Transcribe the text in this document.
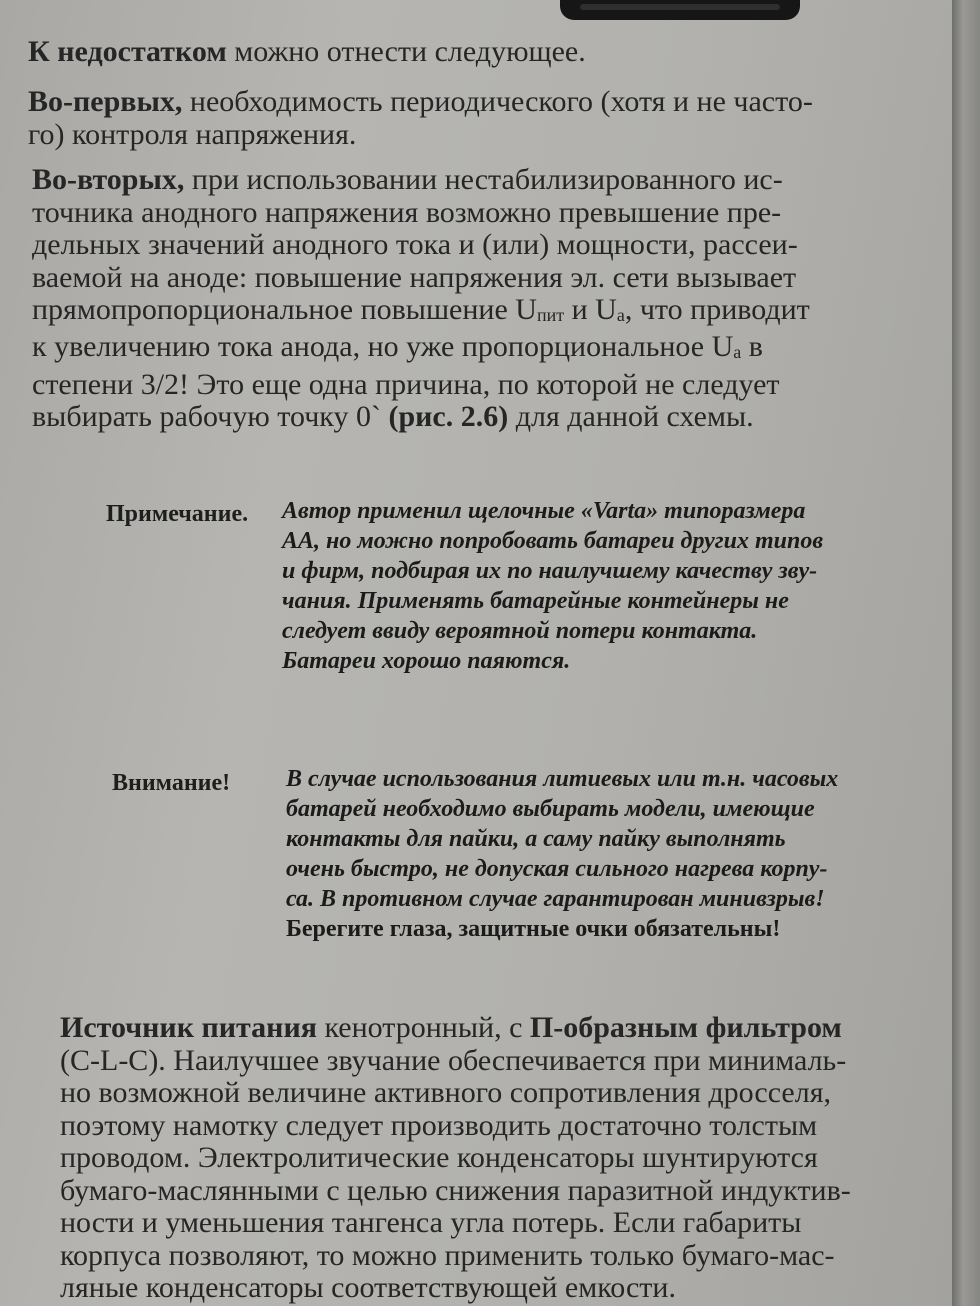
К недостатком можно отнести следующее.
Во-первых, необходимость периодического (хотя и не часто-
го) контроля напряжения.
Во-вторых, при использовании нестабилизированного ис-
точника анодного напряжения возможно превышение пре-
дельных значений анодного тока и (или) мощности, рассеи-
ваемой на аноде: повышение напряжения эл. сети вызывает
прямопропорциональное повышение $U_{пит}$ и $U_а$, что приводит
к увеличению тока анода, но уже пропорциональное $U_а$ в
степени 3/2! Это еще одна причина, по которой не следует
выбирать рабочую точку 0` (рис. 2.6) для данной схемы.
Примечание. Автор применил щелочные «Varta» типоразмера
АА, но можно попробовать батареи других типов
и фирм, подбирая их по наилучшему качеству зву-
чания. Применять батарейные контейнеры не
следует ввиду вероятной потери контакта.
Батареи хорошо паяются.
Внимание! В случае использования литиевых или т.н. часовых
батарей необходимо выбирать модели, имеющие
контакты для пайки, а саму пайку выполнять
очень быстро, не допуская сильного нагрева корпу-
са. В противном случае гарантирован минивзрыв!
Берегите глаза, защитные очки обязательны!
Источник питания кенотронный, с П-образным фильтром
(C-L-C). Наилучшее звучание обеспечивается при минималь-
но возможной величине активного сопротивления дросселя,
поэтому намотку следует производить достаточно толстым
проводом. Электролитические конденсаторы шунтируются
бумаго-маслянными с целью снижения паразитной индуктив-
ности и уменьшения тангенса угла потерь. Если габариты
корпуса позволяют, то можно применить только бумаго-мас-
ляные конденсаторы соответствующей емкости.
